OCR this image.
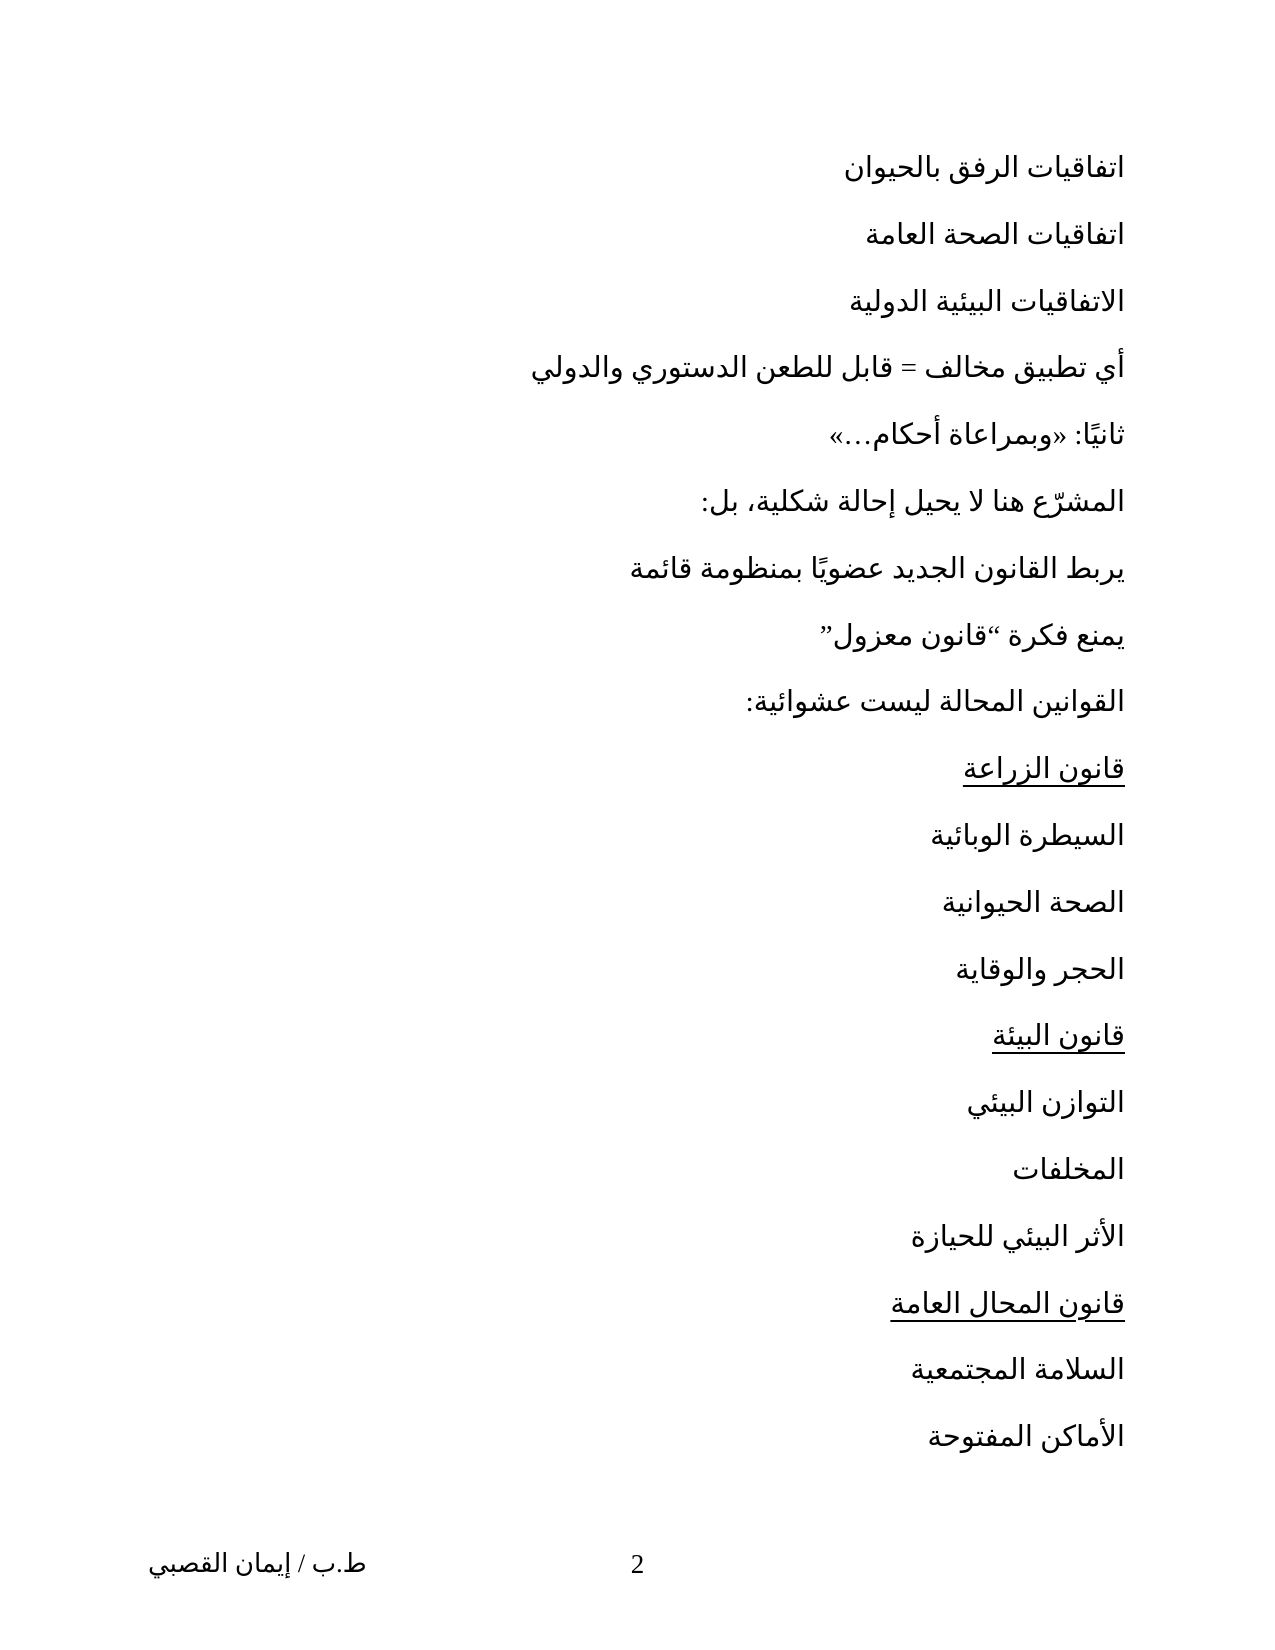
اتفاقيات الرفق بالحيوان

اتفاقيات الصحة العامة

الاتفاقيات البيئية الدولية

أي تطبيق مخالف = قابل للطعن الدستوري والدولي

ثانيًا: «وبمراعاة أحكام…»

المشرّع هنا لا يحيل إحالة شكلية، بل:

يربط القانون الجديد عضويًا بمنظومة قائمة

يمنع فكرة “قانون معزول”

القوانين المحالة ليست عشوائية:

قانون الزراعة

السيطرة الوبائية

الصحة الحيوانية

الحجر والوقاية

قانون البيئة

التوازن البيئي

المخلفات

الأثر البيئي للحيازة

قانون المحال العامة

السلامة المجتمعية

الأماكن المفتوحة

ط.ب / إيمان القصبي	2
